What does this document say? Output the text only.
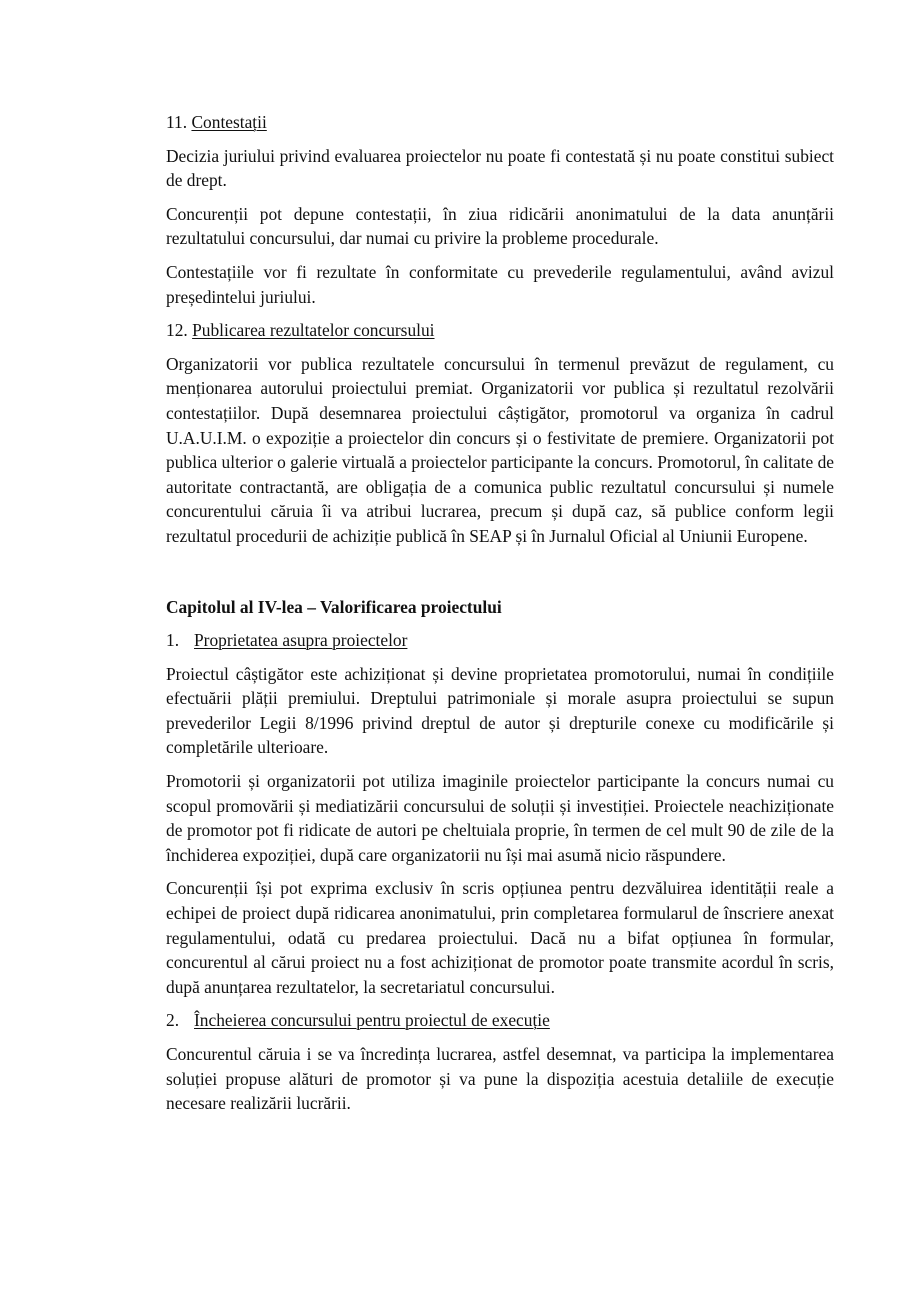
11. Contestații

Decizia juriului privind evaluarea proiectelor nu poate fi contestată și nu poate constitui subiect de drept.

Concurenții pot depune contestații, în ziua ridicării anonimatului de la data anunțării rezultatului concursului, dar numai cu privire la probleme procedurale.

Contestațiile vor fi rezultate în conformitate cu prevederile regulamentului, având avizul președintelui juriului.

12. Publicarea rezultatelor concursului

Organizatorii vor publica rezultatele concursului în termenul prevăzut de regulament, cu menționarea autorului proiectului premiat. Organizatorii vor publica și rezultatul rezolvării contestațiilor. După desemnarea proiectului câștigător, promotorul va organiza în cadrul U.A.U.I.M. o expoziție a proiectelor din concurs și o festivitate de premiere. Organizatorii pot publica ulterior o galerie virtuală a proiectelor participante la concurs. Promotorul, în calitate de autoritate contractantă, are obligația de a comunica public rezultatul concursului și numele concurentului căruia îi va atribui lucrarea, precum și după caz, să publice conform legii rezultatul procedurii de achiziție publică în SEAP și în Jurnalul Oficial al Uniunii Europene.

Capitolul al IV-lea – Valorificarea proiectului
1. Proprietatea asupra proiectelor

Proiectul câștigător este achiziționat și devine proprietatea promotorului, numai în condițiile efectuării plății premiului. Dreptului patrimoniale și morale asupra proiectului se supun prevederilor Legii 8/1996 privind dreptul de autor și drepturile conexe cu modificările și completările ulterioare.

Promotorii și organizatorii pot utiliza imaginile proiectelor participante la concurs numai cu scopul promovării și mediatizării concursului de soluții și investiției. Proiectele neachiziționate de promotor pot fi ridicate de autori pe cheltuiala proprie, în termen de cel mult 90 de zile de la închiderea expoziției, după care organizatorii nu își mai asumă nicio răspundere.

Concurenții își pot exprima exclusiv în scris opțiunea pentru dezvăluirea identității reale a echipei de proiect după ridicarea anonimatului, prin completarea formularul de înscriere anexat regulamentului, odată cu predarea proiectului. Dacă nu a bifat opțiunea în formular, concurentul al cărui proiect nu a fost achiziționat de promotor poate transmite acordul în scris, după anunțarea rezultatelor, la secretariatul concursului.

2. Încheierea concursului pentru proiectul de execuție

Concurentul căruia i se va încredința lucrarea, astfel desemnat, va participa la implementarea soluției propuse alături de promotor și va pune la dispoziția acestuia detaliile de execuție necesare realizării lucrării.
